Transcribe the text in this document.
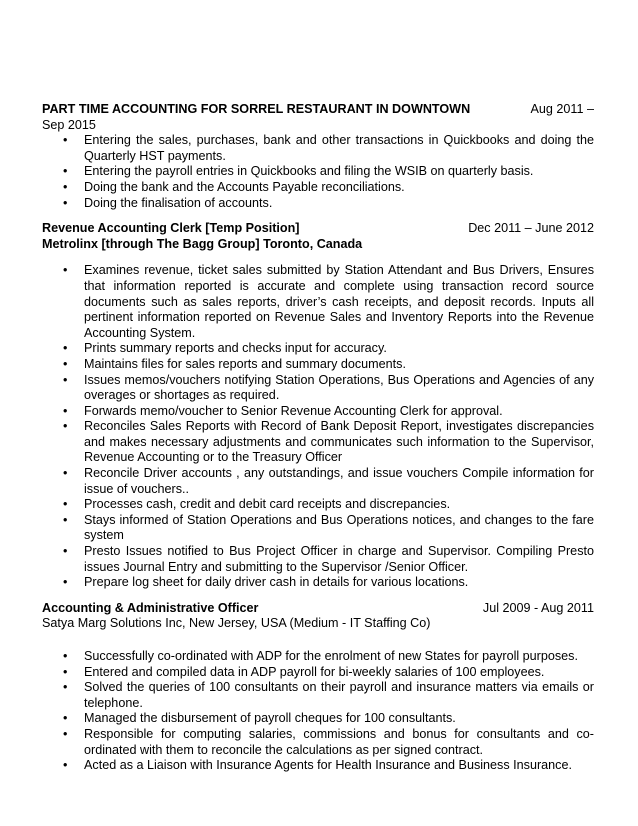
PART TIME ACCOUNTING FOR SORREL RESTAURANT IN DOWNTOWN	Aug 2011 –
Sep 2015
• Entering the sales, purchases, bank and other transactions in Quickbooks and doing the Quarterly HST payments.
• Entering the payroll entries in Quickbooks and filing the WSIB on quarterly basis.
• Doing the bank and the Accounts Payable reconciliations.
• Doing the finalisation of accounts.
Revenue Accounting Clerk [Temp Position]	Dec 2011 – June 2012
Metrolinx [through The Bagg Group] Toronto, Canada
• Examines revenue, ticket sales submitted by Station Attendant and Bus Drivers, Ensures that information reported is accurate and complete using transaction record source documents such as sales reports, driver’s cash receipts, and deposit records. Inputs all pertinent information reported on Revenue Sales and Inventory Reports into the Revenue Accounting System.
• Prints summary reports and checks input for accuracy.
• Maintains files for sales reports and summary documents.
• Issues memos/vouchers notifying Station Operations, Bus Operations and Agencies of any overages or shortages as required.
• Forwards memo/voucher to Senior Revenue Accounting Clerk for approval.
• Reconciles Sales Reports with Record of Bank Deposit Report, investigates discrepancies and makes necessary adjustments and communicates such information to the Supervisor, Revenue Accounting or to the Treasury Officer
• Reconcile Driver accounts , any outstandings, and issue vouchers Compile information for issue of vouchers..
• Processes cash, credit and debit card receipts and discrepancies.
• Stays informed of Station Operations and Bus Operations notices, and changes to the fare system
• Presto Issues notified to Bus Project Officer in charge and Supervisor. Compiling Presto issues Journal Entry and submitting to the Supervisor /Senior Officer.
• Prepare log sheet for daily driver cash in details for various locations.
Accounting & Administrative Officer	Jul 2009 - Aug 2011
Satya Marg Solutions Inc, New Jersey, USA (Medium - IT Staffing Co)
• Successfully co-ordinated with ADP for the enrolment of new States for payroll purposes.
• Entered and compiled data in ADP payroll for bi-weekly salaries of 100 employees.
• Solved the queries of 100 consultants on their payroll and insurance matters via emails or telephone.
• Managed the disbursement of payroll cheques for 100 consultants.
• Responsible for computing salaries, commissions and bonus for consultants and co-ordinated with them to reconcile the calculations as per signed contract.
• Acted as a Liaison with Insurance Agents for Health Insurance and Business Insurance.
